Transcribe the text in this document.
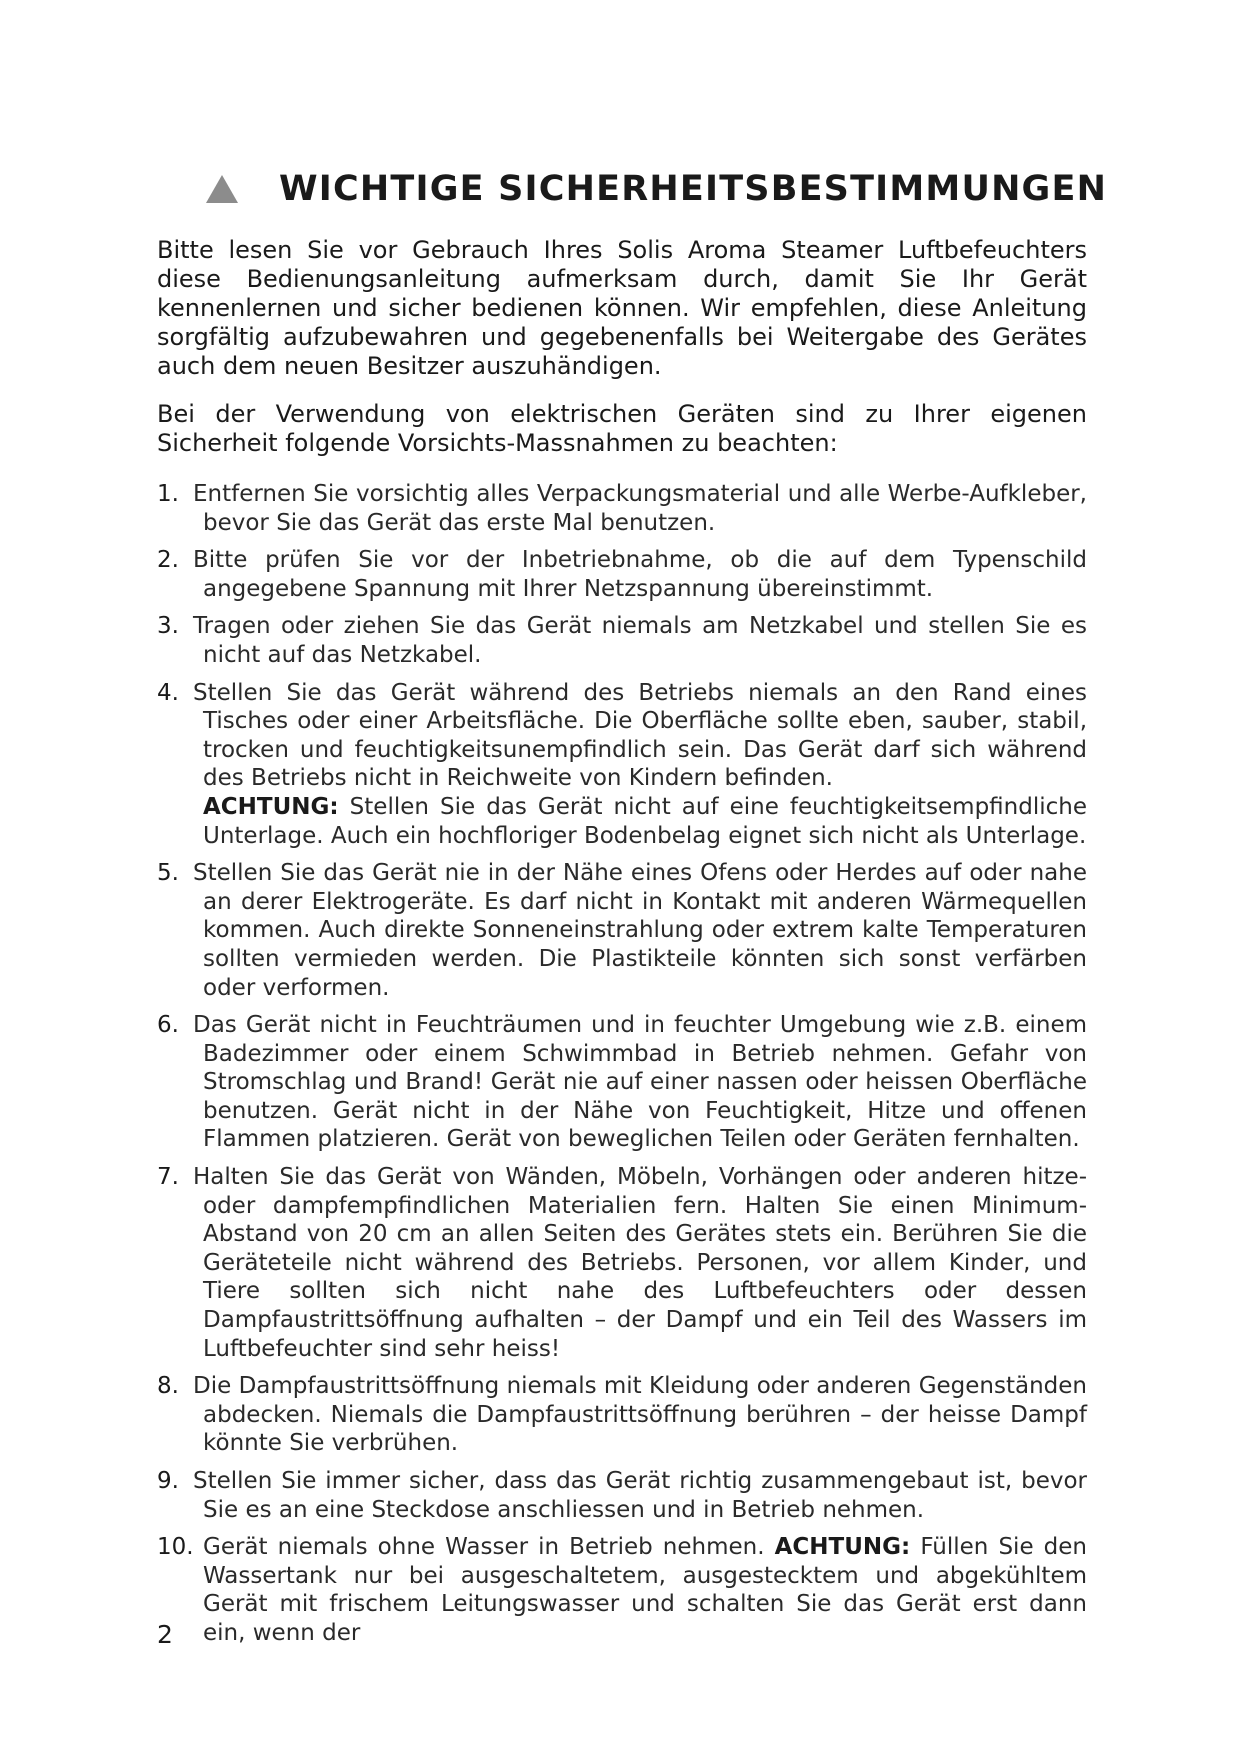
WICHTIGE SICHERHEITSBESTIMMUNGEN

Bitte lesen Sie vor Gebrauch Ihres Solis Aroma Steamer Luftbefeuchters diese Bedienungsanleitung aufmerksam durch, damit Sie Ihr Gerät kennenlernen und sicher bedienen können. Wir empfehlen, diese Anleitung sorgfältig aufzubewahren und gegebenenfalls bei Weitergabe des Gerätes auch dem neuen Besitzer auszuhändigen.

Bei der Verwendung von elektrischen Geräten sind zu Ihrer eigenen Sicherheit folgende Vorsichts-Massnahmen zu beachten:

1. Entfernen Sie vorsichtig alles Verpackungsmaterial und alle Werbe-Aufkleber, bevor Sie das Gerät das erste Mal benutzen.
2. Bitte prüfen Sie vor der Inbetriebnahme, ob die auf dem Typenschild angegebene Spannung mit Ihrer Netzspannung übereinstimmt.
3. Tragen oder ziehen Sie das Gerät niemals am Netzkabel und stellen Sie es nicht auf das Netzkabel.
4. Stellen Sie das Gerät während des Betriebs niemals an den Rand eines Tisches oder einer Arbeitsfläche. Die Oberfläche sollte eben, sauber, stabil, trocken und feuchtigkeitsunempfindlich sein. Das Gerät darf sich während des Betriebs nicht in Reichweite von Kindern befinden.
ACHTUNG: Stellen Sie das Gerät nicht auf eine feuchtigkeitsempfindliche Unterlage. Auch ein hochfloriger Bodenbelag eignet sich nicht als Unterlage.
5. Stellen Sie das Gerät nie in der Nähe eines Ofens oder Herdes auf oder nahe an derer Elektrogeräte. Es darf nicht in Kontakt mit anderen Wärmequellen kommen. Auch direkte Sonneneinstrahlung oder extrem kalte Temperaturen sollten vermieden werden. Die Plastikteile könnten sich sonst verfärben oder verformen.
6. Das Gerät nicht in Feuchträumen und in feuchter Umgebung wie z.B. einem Badezimmer oder einem Schwimmbad in Betrieb nehmen. Gefahr von Stromschlag und Brand! Gerät nie auf einer nassen oder heissen Oberfläche benutzen. Gerät nicht in der Nähe von Feuchtigkeit, Hitze und offenen Flammen platzieren. Gerät von beweglichen Teilen oder Geräten fernhalten.
7. Halten Sie das Gerät von Wänden, Möbeln, Vorhängen oder anderen hitze- oder dampfempfindlichen Materialien fern. Halten Sie einen Minimum-Abstand von 20 cm an allen Seiten des Gerätes stets ein. Berühren Sie die Geräteteile nicht während des Betriebs. Personen, vor allem Kinder, und Tiere sollten sich nicht nahe des Luftbefeuchters oder dessen Dampfaustrittsöffnung aufhalten – der Dampf und ein Teil des Wassers im Luftbefeuchter sind sehr heiss!
8. Die Dampfaustrittsöffnung niemals mit Kleidung oder anderen Gegenständen abdecken. Niemals die Dampfaustrittsöffnung berühren – der heisse Dampf könnte Sie verbrühen.
9. Stellen Sie immer sicher, dass das Gerät richtig zusammengebaut ist, bevor Sie es an eine Steckdose anschliessen und in Betrieb nehmen.
10. Gerät niemals ohne Wasser in Betrieb nehmen. ACHTUNG: Füllen Sie den Wassertank nur bei ausgeschaltetem, ausgestecktem und abgekühltem Gerät mit frischem Leitungswasser und schalten Sie das Gerät erst dann ein, wenn der
2
